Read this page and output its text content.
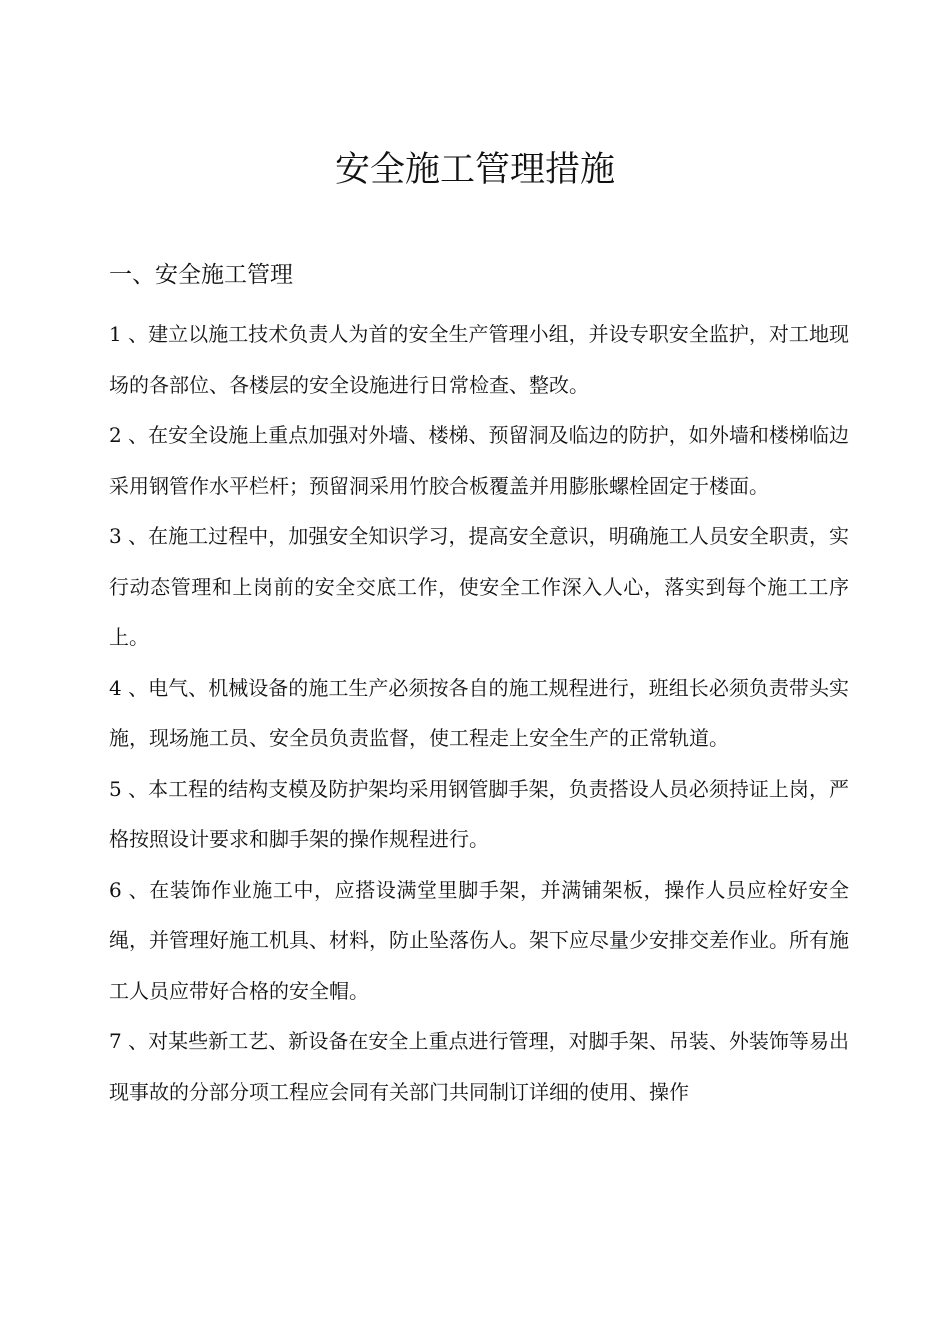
安全施工管理措施
一、安全施工管理

1 、建立以施工技术负责人为首的安全生产管理小组，并设专职安全监护，对工地现场的各部位、各楼层的安全设施进行日常检查、整改。

2 、在安全设施上重点加强对外墙、楼梯、预留洞及临边的防护，如外墙和楼梯临边采用钢管作水平栏杆；预留洞采用竹胶合板覆盖并用膨胀螺栓固定于楼面。

3 、在施工过程中，加强安全知识学习，提高安全意识，明确施工人员安全职责，实行动态管理和上岗前的安全交底工作，使安全工作深入人心，落实到每个施工工序上。

4 、电气、机械设备的施工生产必须按各自的施工规程进行，班组长必须负责带头实施，现场施工员、安全员负责监督，使工程走上安全生产的正常轨道。

5 、本工程的结构支模及防护架均采用钢管脚手架，负责搭设人员必须持证上岗，严格按照设计要求和脚手架的操作规程进行。

6 、在装饰作业施工中，应搭设满堂里脚手架，并满铺架板，操作人员应栓好安全绳，并管理好施工机具、材料，防止坠落伤人。架下应尽量少安排交差作业。所有施工人员应带好合格的安全帽。

7 、对某些新工艺、新设备在安全上重点进行管理，对脚手架、吊装、外装饰等易出现事故的分部分项工程应会同有关部门共同制订详细的使用、操作
